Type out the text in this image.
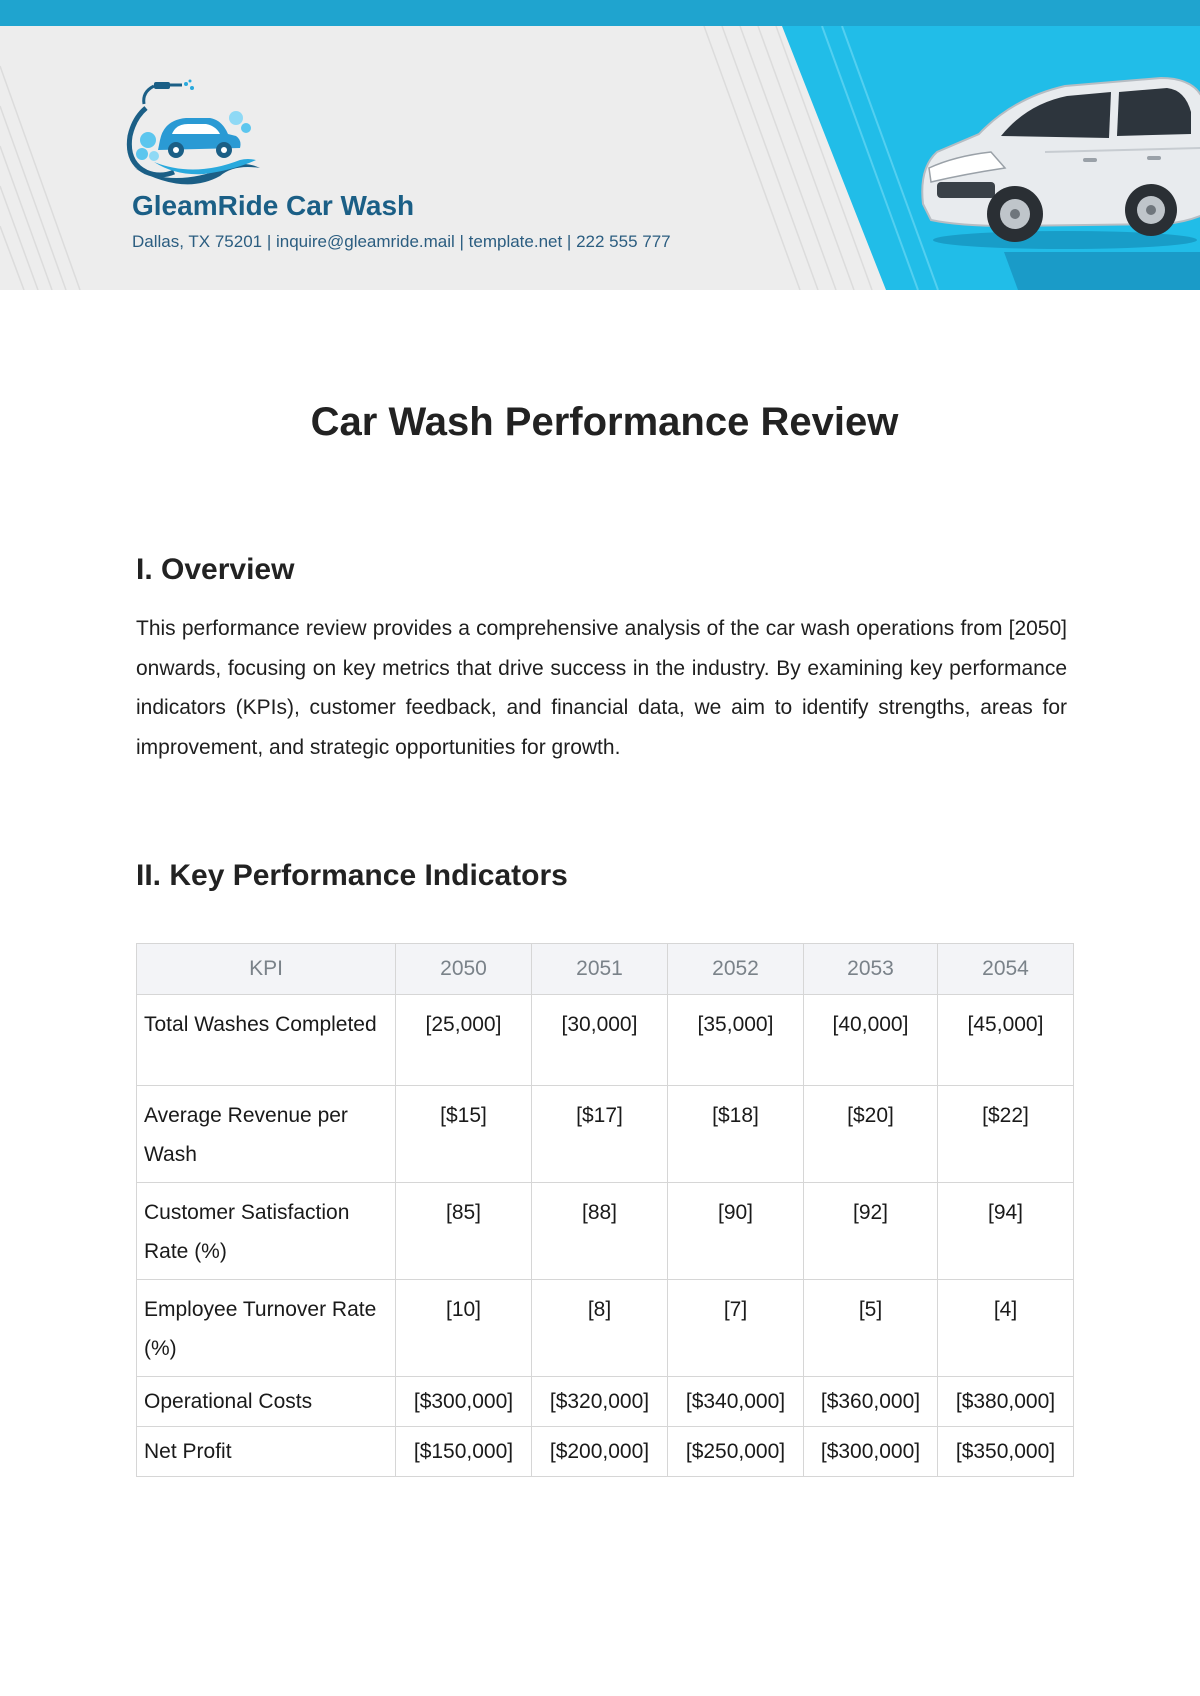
GleamRide Car Wash
Dallas, TX 75201 | inquire@gleamride.mail | template.net | 222 555 777
Car Wash Performance Review
I. Overview

This performance review provides a comprehensive analysis of the car wash operations from [2050] onwards, focusing on key metrics that drive success in the industry. By examining key performance indicators (KPIs), customer feedback, and financial data, we aim to identify strengths, areas for improvement, and strategic opportunities for growth.

II. Key Performance Indicators
KPI	2050	2051	2052	2053	2054
Total Washes Completed	[25,000]	[30,000]	[35,000]	[40,000]	[45,000]
Average Revenue per Wash	[$15]	[$17]	[$18]	[$20]	[$22]
Customer Satisfaction Rate (%)	[85]	[88]	[90]	[92]	[94]
Employee Turnover Rate (%)	[10]	[8]	[7]	[5]	[4]
Operational Costs	[$300,000]	[$320,000]	[$340,000]	[$360,000]	[$380,000]
Net Profit	[$150,000]	[$200,000]	[$250,000]	[$300,000]	[$350,000]
